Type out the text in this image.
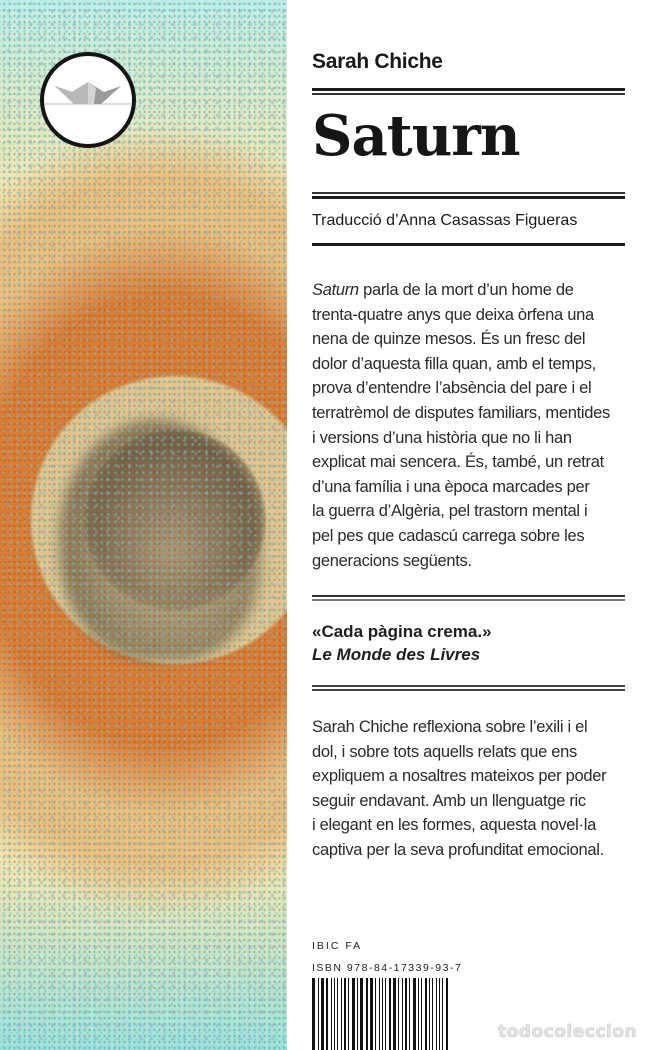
Sarah Chiche
Saturn
Traducció d’Anna Casassas Figueras
Saturn parla de la mort d’un home de
trenta-quatre anys que deixa òrfena una
nena de quinze mesos. És un fresc del
dolor d’aquesta filla quan, amb el temps,
prova d’entendre l’absència del pare i el
terratrèmol de disputes familiars, mentides
i versions d’una història que no li han
explicat mai sencera. És, també, un retrat
d’una família i una època marcades per
la guerra d’Algèria, pel trastorn mental i
pel pes que cadascú carrega sobre les
generacions següents.
«Cada pàgina crema.»
Le Monde des Livres
Sarah Chiche reflexiona sobre l’exili i el
dol, i sobre tots aquells relats que ens
expliquem a nosaltres mateixos per poder
seguir endavant. Amb un llenguatge ric
i elegant en les formes, aquesta novel·la
captiva per la seva profunditat emocional.
IBIC FA
ISBN 978-84-17339-93-7
todocoleccion
